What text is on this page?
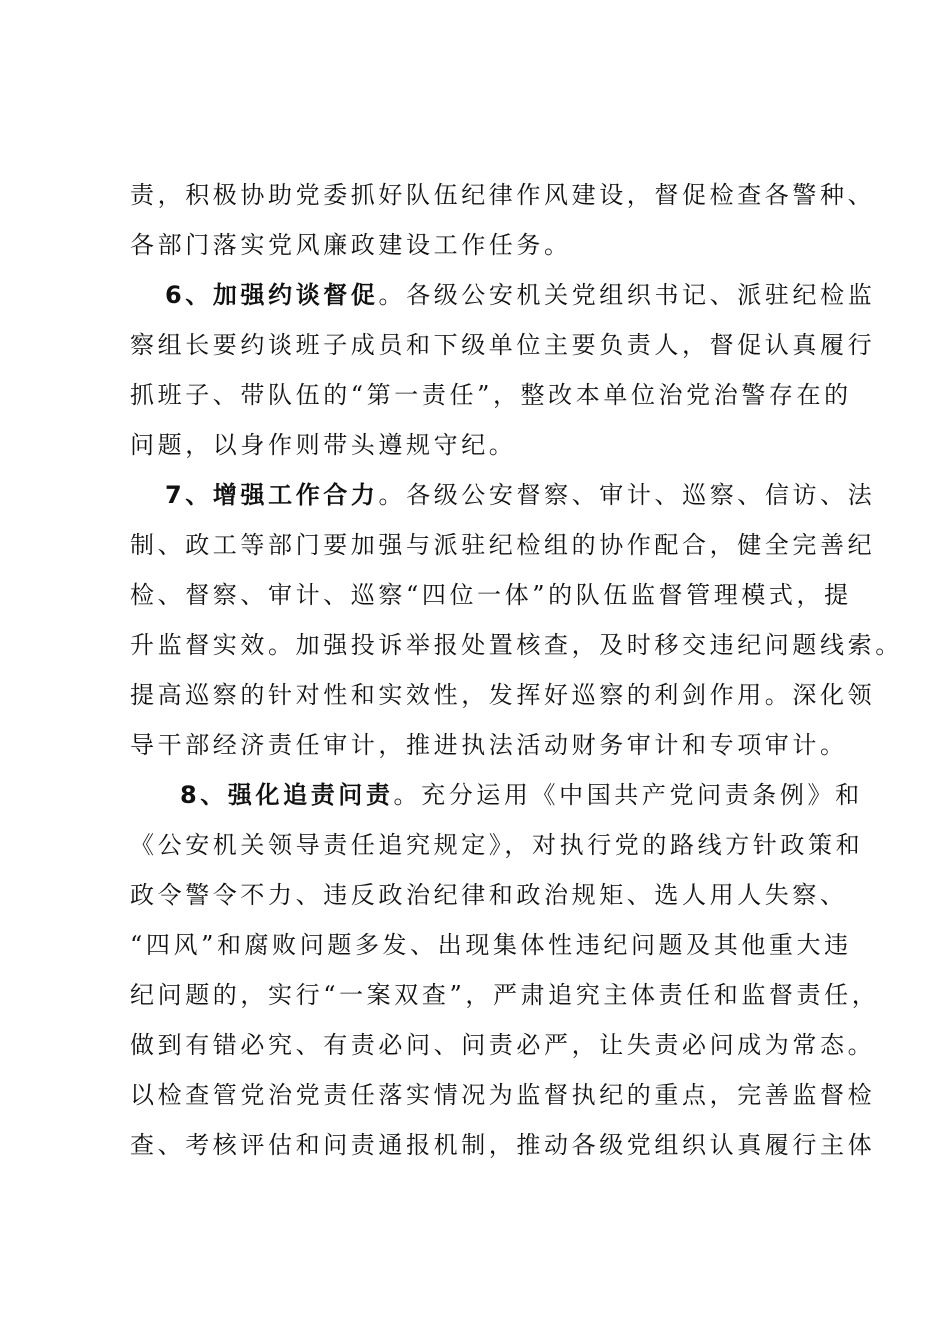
责，积极协助党委抓好队伍纪律作风建设，督促检查各警种、
各部门落实党风廉政建设工作任务。
6、加强约谈督促。各级公安机关党组织书记、派驻纪检监
察组长要约谈班子成员和下级单位主要负责人，督促认真履行
抓班子、带队伍的“第一责任”，整改本单位治党治警存在的
问题，以身作则带头遵规守纪。
7、增强工作合力。各级公安督察、审计、巡察、信访、法
制、政工等部门要加强与派驻纪检组的协作配合，健全完善纪
检、督察、审计、巡察“四位一体”的队伍监督管理模式，提
升监督实效。加强投诉举报处置核查，及时移交违纪问题线索。
提高巡察的针对性和实效性，发挥好巡察的利剑作用。深化领
导干部经济责任审计，推进执法活动财务审计和专项审计。
8、强化追责问责。充分运用《中国共产党问责条例》和
《公安机关领导责任追究规定》，对执行党的路线方针政策和
政令警令不力、违反政治纪律和政治规矩、选人用人失察、
“四风”和腐败问题多发、出现集体性违纪问题及其他重大违
纪问题的，实行“一案双查”，严肃追究主体责任和监督责任，
做到有错必究、有责必问、问责必严，让失责必问成为常态。
以检查管党治党责任落实情况为监督执纪的重点，完善监督检
查、考核评估和问责通报机制，推动各级党组织认真履行主体
